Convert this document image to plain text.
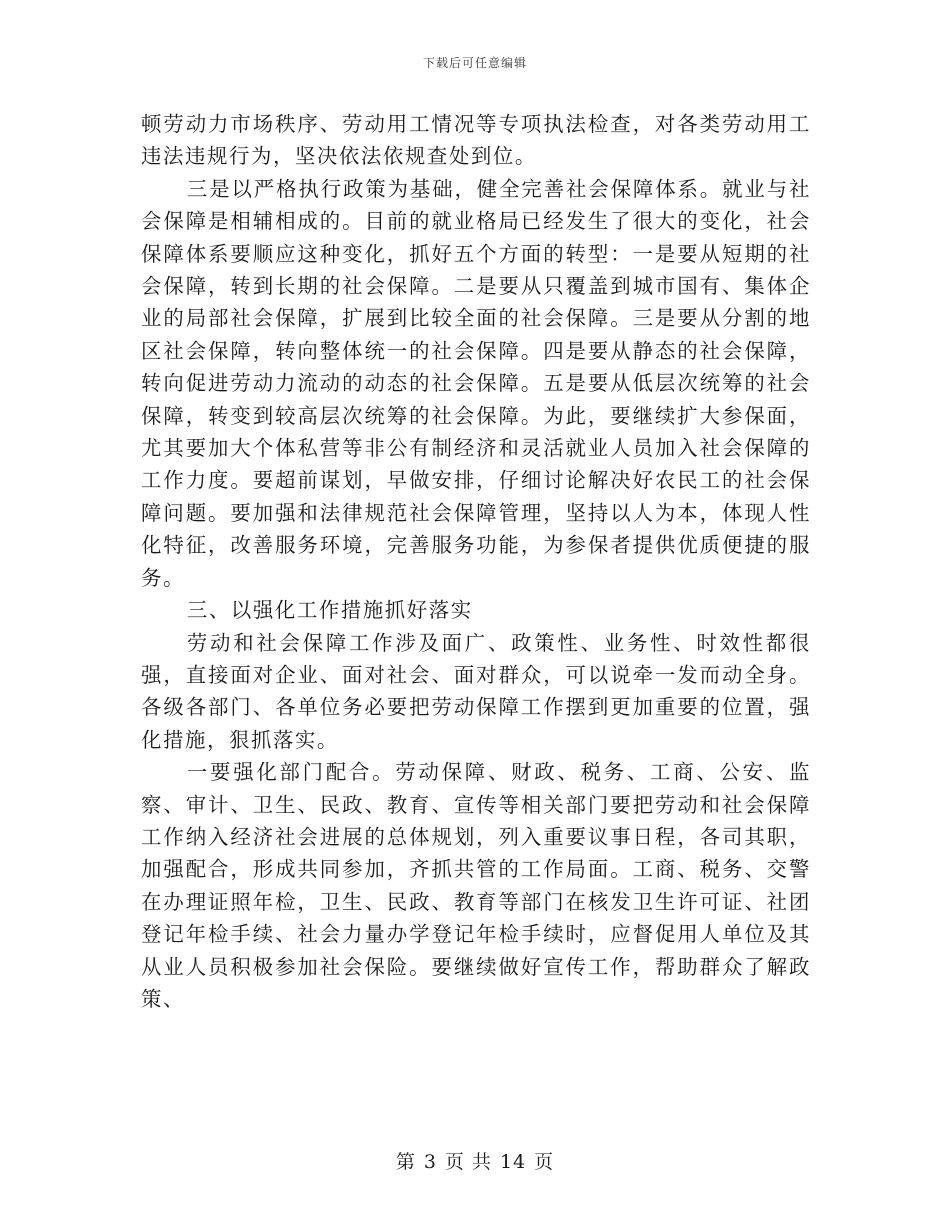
下载后可任意编辑

顿劳动力市场秩序、劳动用工情况等专项执法检查，对各类劳动用工违法违规行为，坚决依法依规查处到位。

三是以严格执行政策为基础，健全完善社会保障体系。就业与社会保障是相辅相成的。目前的就业格局已经发生了很大的变化，社会保障体系要顺应这种变化，抓好五个方面的转型：一是要从短期的社会保障，转到长期的社会保障。二是要从只覆盖到城市国有、集体企业的局部社会保障，扩展到比较全面的社会保障。三是要从分割的地区社会保障，转向整体统一的社会保障。四是要从静态的社会保障，转向促进劳动力流动的动态的社会保障。五是要从低层次统筹的社会保障，转变到较高层次统筹的社会保障。为此，要继续扩大参保面，尤其要加大个体私营等非公有制经济和灵活就业人员加入社会保障的工作力度。要超前谋划，早做安排，仔细讨论解决好农民工的社会保障问题。要加强和法律规范社会保障管理，坚持以人为本，体现人性化特征，改善服务环境，完善服务功能，为参保者提供优质便捷的服务。

三、以强化工作措施抓好落实

劳动和社会保障工作涉及面广、政策性、业务性、时效性都很强，直接面对企业、面对社会、面对群众，可以说牵一发而动全身。各级各部门、各单位务必要把劳动保障工作摆到更加重要的位置，强化措施，狠抓落实。

一要强化部门配合。劳动保障、财政、税务、工商、公安、监察、审计、卫生、民政、教育、宣传等相关部门要把劳动和社会保障工作纳入经济社会进展的总体规划，列入重要议事日程，各司其职，加强配合，形成共同参加，齐抓共管的工作局面。工商、税务、交警在办理证照年检，卫生、民政、教育等部门在核发卫生许可证、社团登记年检手续、社会力量办学登记年检手续时，应督促用人单位及其从业人员积极参加社会保险。要继续做好宣传工作，帮助群众了解政策、

第 3 页 共 14 页
